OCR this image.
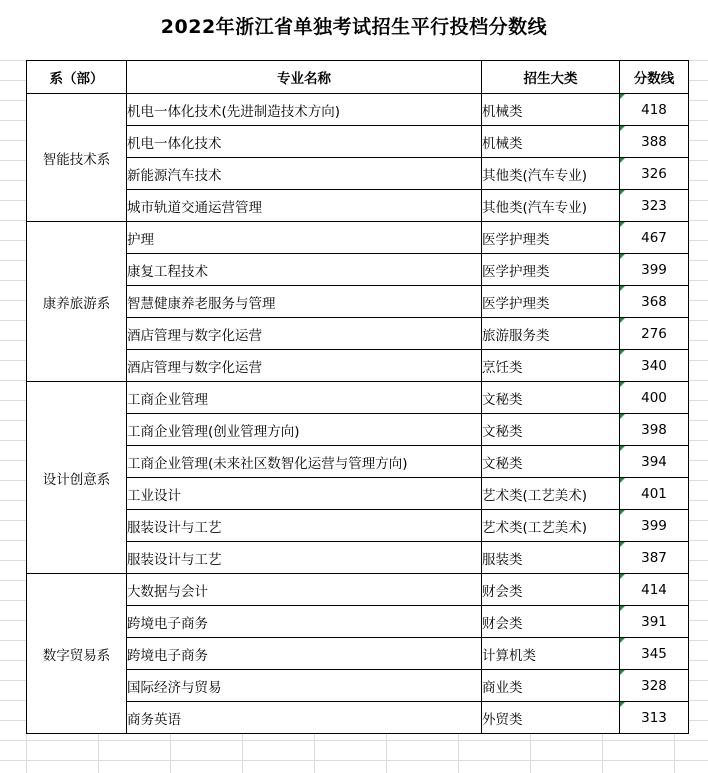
2022年浙江省单独考试招生平行投档分数线
系（部）	专业名称	招生大类	分数线
智能技术系	机电一体化技术(先进制造技术方向)	机械类	418
	机电一体化技术	机械类	388
	新能源汽车技术	其他类(汽车专业)	326
	城市轨道交通运营管理	其他类(汽车专业)	323
康养旅游系	护理	医学护理类	467
	康复工程技术	医学护理类	399
	智慧健康养老服务与管理	医学护理类	368
	酒店管理与数字化运营	旅游服务类	276
	酒店管理与数字化运营	烹饪类	340
设计创意系	工商企业管理	文秘类	400
	工商企业管理(创业管理方向)	文秘类	398
	工商企业管理(未来社区数智化运营与管理方向)	文秘类	394
	工业设计	艺术类(工艺美术)	401
	服装设计与工艺	艺术类(工艺美术)	399
	服装设计与工艺	服装类	387
数字贸易系	大数据与会计	财会类	414
	跨境电子商务	财会类	391
	跨境电子商务	计算机类	345
	国际经济与贸易	商业类	328
	商务英语	外贸类	313
